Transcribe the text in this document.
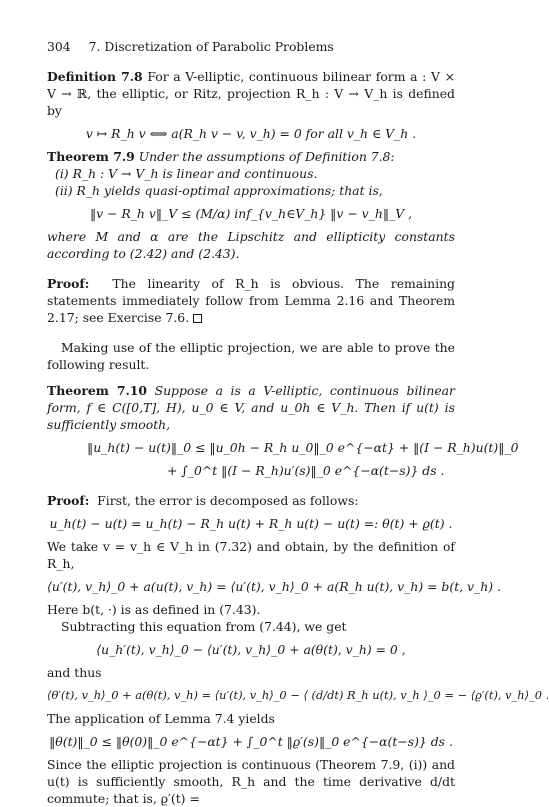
304 7. Discretization of Parabolic Problems

Definition 7.8 For a V-elliptic, continuous bilinear form a : V × V → ℝ, the elliptic, or Ritz, projection R_h : V → V_h is defined by

v ↦ R_h v ⟺ a(R_h v − v, v_h) = 0 for all v_h ∈ V_h .

Theorem 7.9 Under the assumptions of Definition 7.8:

(i) R_h : V → V_h is linear and continuous.
(ii) R_h yields quasi-optimal approximations; that is,
‖v − R_h v‖_V ≤ (M/α) inf_{v_h∈V_h} ‖v − v_h‖_V ,

where M and α are the Lipschitz and ellipticity constants according to (2.42) and (2.43).

Proof: The linearity of R_h is obvious. The remaining statements immediately follow from Lemma 2.16 and Theorem 2.17; see Exercise 7.6.

Making use of the elliptic projection, we are able to prove the following result.

Theorem 7.10 Suppose a is a V-elliptic, continuous bilinear form, f ∈ C([0,T], H), u_0 ∈ V, and u_0h ∈ V_h. Then if u(t) is sufficiently smooth,

‖u_h(t) − u(t)‖_0 ≤ ‖u_0h − R_h u_0‖_0 e^{−αt} + ‖(I − R_h)u(t)‖_0
+ ∫_0^t ‖(I − R_h)u′(s)‖_0 e^{−α(t−s)} ds .

Proof: First, the error is decomposed as follows:

u_h(t) − u(t) = u_h(t) − R_h u(t) + R_h u(t) − u(t) =: θ(t) + ϱ(t) .

We take v = v_h ∈ V_h in (7.32) and obtain, by the definition of R_h,

⟨u′(t), v_h⟩_0 + a(u(t), v_h) = ⟨u′(t), v_h⟩_0 + a(R_h u(t), v_h) = b(t, v_h) .

Here b(t, ·) is as defined in (7.43).

Subtracting this equation from (7.44), we get

⟨u_h′(t), v_h⟩_0 − ⟨u′(t), v_h⟩_0 + a(θ(t), v_h) = 0 ,

and thus

⟨θ′(t), v_h⟩_0 + a(θ(t), v_h) = ⟨u′(t), v_h⟩_0 − ⟨ (d/dt) R_h u(t), v_h ⟩_0 = − ⟨ϱ′(t), v_h⟩_0 .

The application of Lemma 7.4 yields

‖θ(t)‖_0 ≤ ‖θ(0)‖_0 e^{−αt} + ∫_0^t ‖ϱ′(s)‖_0 e^{−α(t−s)} ds .

Since the elliptic projection is continuous (Theorem 7.9, (i)) and u(t) is sufficiently smooth, R_h and the time derivative d/dt commute; that is, ϱ′(t) =
